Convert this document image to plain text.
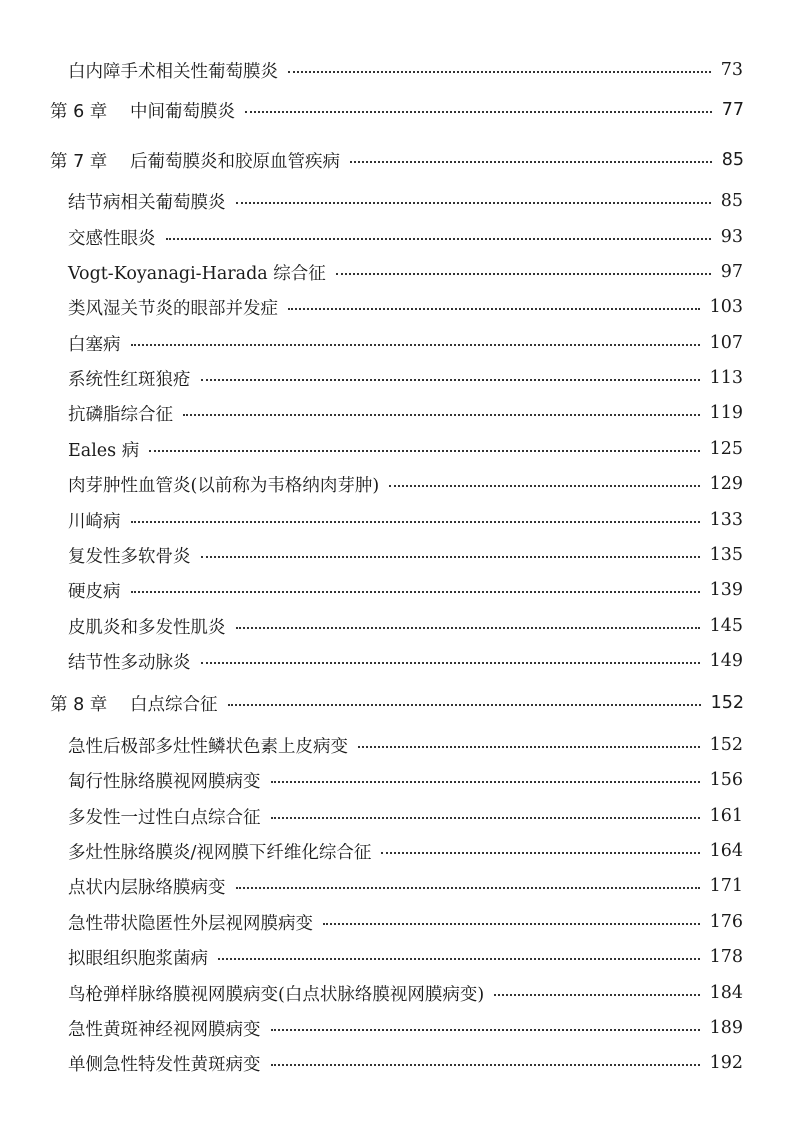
白内障手术相关性葡萄膜炎	73
第 6 章	中间葡萄膜炎	77
第 7 章	后葡萄膜炎和胶原血管疾病	85
结节病相关葡萄膜炎	85
交感性眼炎	93
Vogt-Koyanagi-Harada 综合征	97
类风湿关节炎的眼部并发症	103
白塞病	107
系统性红斑狼疮	113
抗磷脂综合征	119
Eales 病	125
肉芽肿性血管炎(以前称为韦格纳肉芽肿)	129
川崎病	133
复发性多软骨炎	135
硬皮病	139
皮肌炎和多发性肌炎	145
结节性多动脉炎	149
第 8 章	白点综合征	152
急性后极部多灶性鳞状色素上皮病变	152
匐行性脉络膜视网膜病变	156
多发性一过性白点综合征	161
多灶性脉络膜炎/视网膜下纤维化综合征	164
点状内层脉络膜病变	171
急性带状隐匿性外层视网膜病变	176
拟眼组织胞浆菌病	178
鸟枪弹样脉络膜视网膜病变(白点状脉络膜视网膜病变)	184
急性黄斑神经视网膜病变	189
单侧急性特发性黄斑病变	192
